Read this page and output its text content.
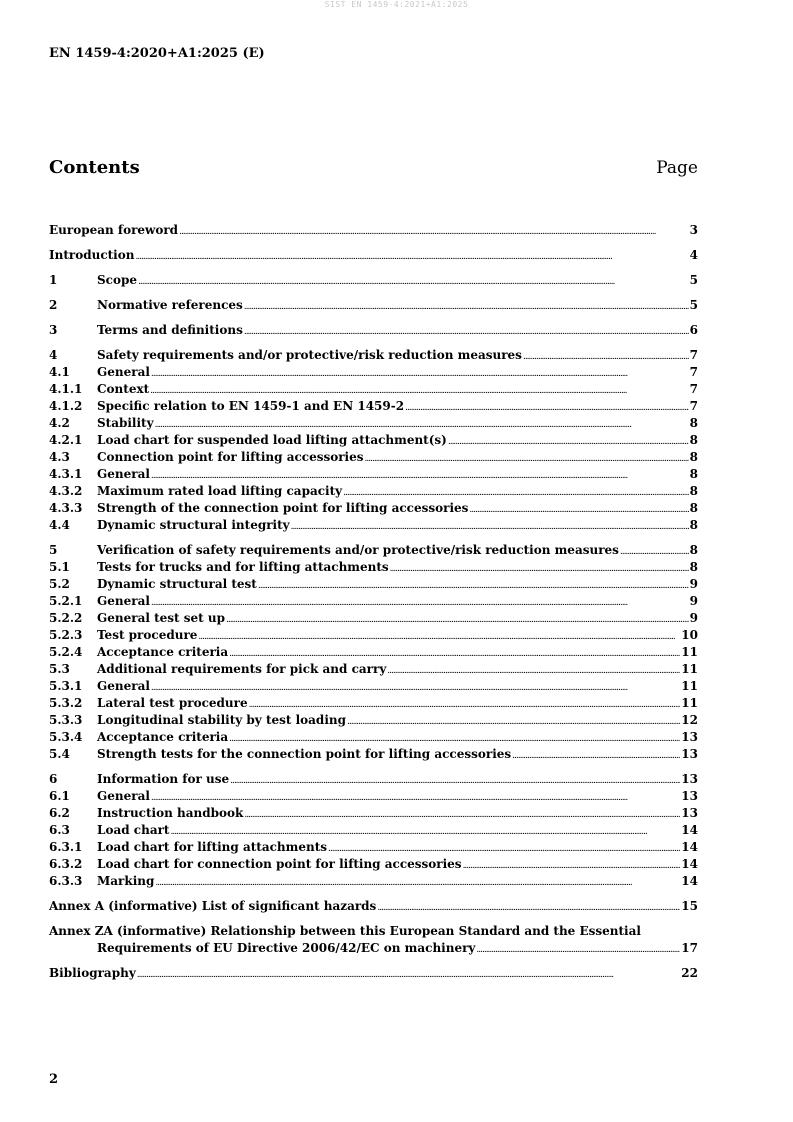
SIST EN 1459-4:2021+A1:2025
EN 1459-4:2020+A1:2025 (E)
Contents	Page
European foreword .....	3
Introduction .....	4
1	Scope .....	5
2	Normative references .....	5
3	Terms and definitions .....	6
4	Safety requirements and/or protective/risk reduction measures .....	7
4.1	General .....	7
4.1.1	Context .....	7
4.1.2	Specific relation to EN 1459-1 and EN 1459-2 .....	7
4.2	Stability .....	8
4.2.1	Load chart for suspended load lifting attachment(s) .....	8
4.3	Connection point for lifting accessories .....	8
4.3.1	General .....	8
4.3.2	Maximum rated load lifting capacity .....	8
4.3.3	Strength of the connection point for lifting accessories .....	8
4.4	Dynamic structural integrity .....	8
5	Verification of safety requirements and/or protective/risk reduction measures .....	8
5.1	Tests for trucks and for lifting attachments .....	8
5.2	Dynamic structural test .....	9
5.2.1	General .....	9
5.2.2	General test set up .....	9
5.2.3	Test procedure .....	10
5.2.4	Acceptance criteria .....	11
5.3	Additional requirements for pick and carry .....	11
5.3.1	General .....	11
5.3.2	Lateral test procedure .....	11
5.3.3	Longitudinal stability by test loading .....	12
5.3.4	Acceptance criteria .....	13
5.4	Strength tests for the connection point for lifting accessories .....	13
6	Information for use .....	13
6.1	General .....	13
6.2	Instruction handbook .....	13
6.3	Load chart .....	14
6.3.1	Load chart for lifting attachments .....	14
6.3.2	Load chart for connection point for lifting accessories .....	14
6.3.3	Marking .....	14
Annex A (informative) List of significant hazards .....	15
Annex ZA (informative) Relationship between this European Standard and the Essential
Requirements of EU Directive 2006/42/EC on machinery .....	17
Bibliography .....	22
2
